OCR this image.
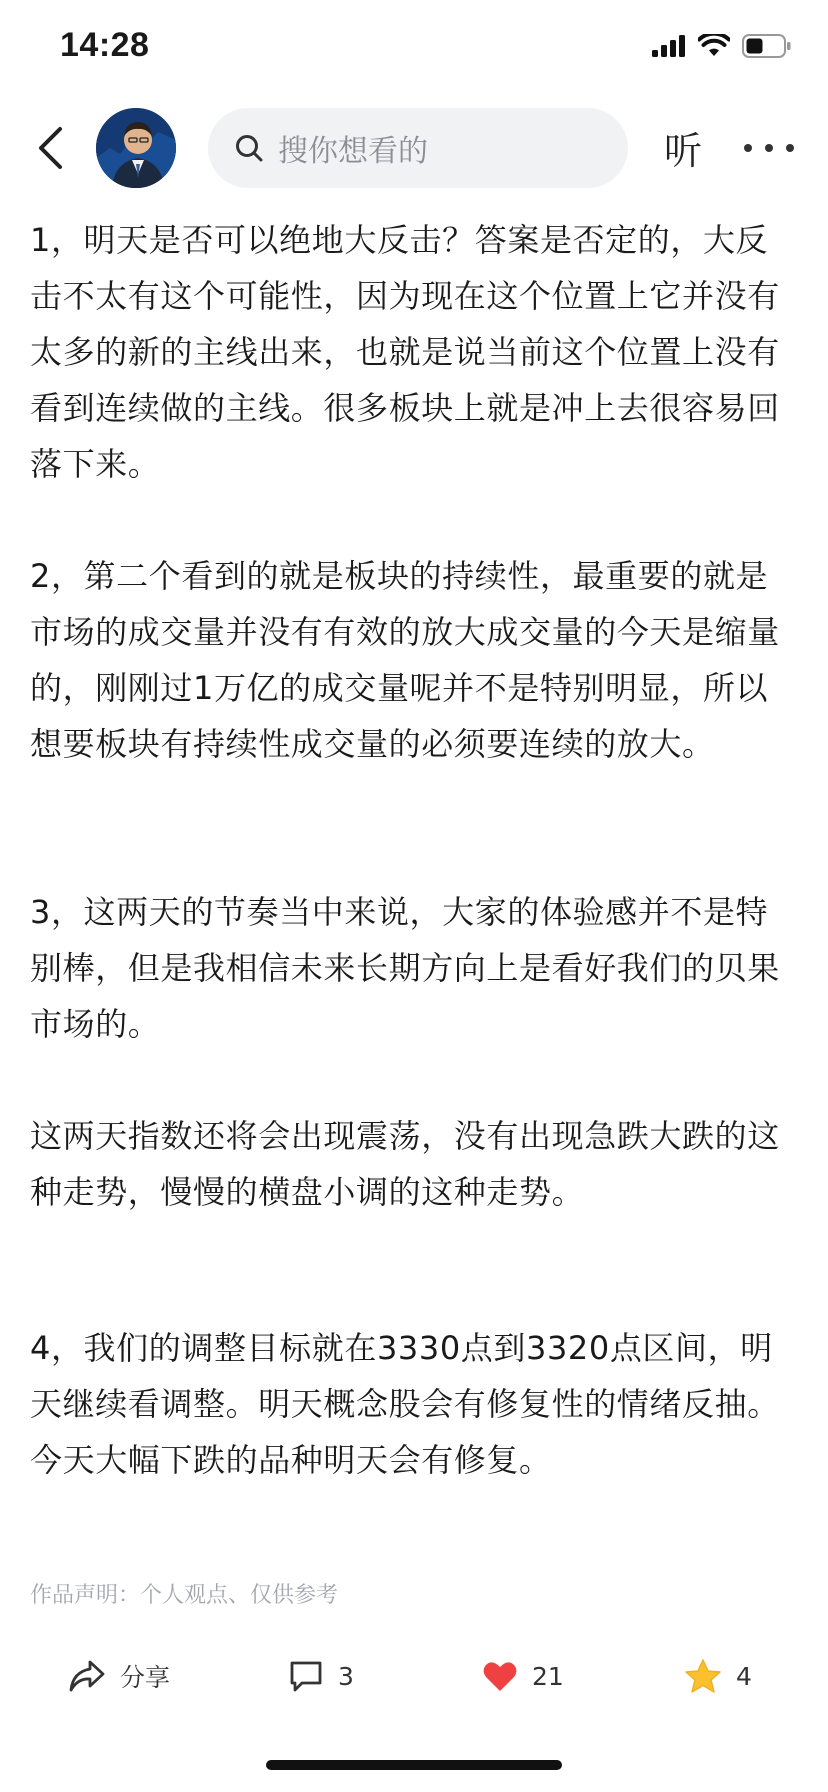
14:28
搜你想看的	听

1，明天是否可以绝地大反击？答案是否定的，大反击不太有这个可能性，因为现在这个位置上它并没有太多的新的主线出来，也就是说当前这个位置上没有看到连续做的主线。很多板块上就是冲上去很容易回落下来。

2，第二个看到的就是板块的持续性，最重要的就是市场的成交量并没有有效的放大成交量的今天是缩量的，刚刚过1万亿的成交量呢并不是特别明显，所以想要板块有持续性成交量的必须要连续的放大。

3，这两天的节奏当中来说，大家的体验感并不是特别棒，但是我相信未来长期方向上是看好我们的贝果市场的。

这两天指数还将会出现震荡，没有出现急跌大跌的这种走势，慢慢的横盘小调的这种走势。

4，我们的调整目标就在3330点到3320点区间，明天继续看调整。明天概念股会有修复性的情绪反抽。今天大幅下跌的品种明天会有修复。

作品声明：个人观点、仅供参考
分享	3	21	4
